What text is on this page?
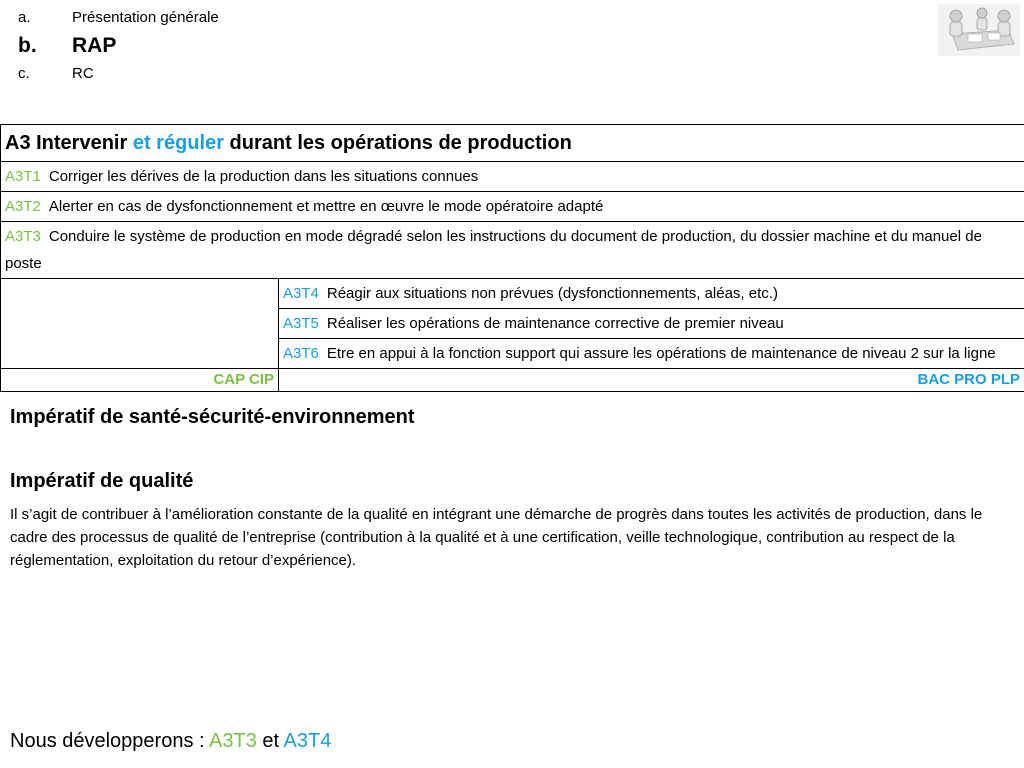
a.	Présentation générale
b.	RAP
c.	RC
A3 Intervenir et réguler durant les opérations de production	
A3T1 Corriger les dérives de la production dans les situations connues	
A3T2 Alerter en cas de dysfonctionnement et mettre en œuvre le mode opératoire adapté	
A3T3 Conduire le système de production en mode dégradé selon les instructions du document de production, du dossier machine et du manuel de poste	
	A3T4 Réagir aux situations non prévues (dysfonctionnements, aléas, etc.)
	A3T5 Réaliser les opérations de maintenance corrective de premier niveau
	A3T6 Etre en appui à la fonction support qui assure les opérations de maintenance de niveau 2 sur la ligne
CAP CIP	BAC PRO PLP
Impératif de santé-sécurité-environnement
Impératif de qualité
Il s’agit de contribuer à l’amélioration constante de la qualité en intégrant une démarche de progrès dans toutes les activités de production, dans le cadre des processus de qualité de l’entreprise (contribution à la qualité et à une certification, veille technologique, contribution au respect de la réglementation, exploitation du retour d’expérience).
Nous développerons : A3T3 et A3T4
